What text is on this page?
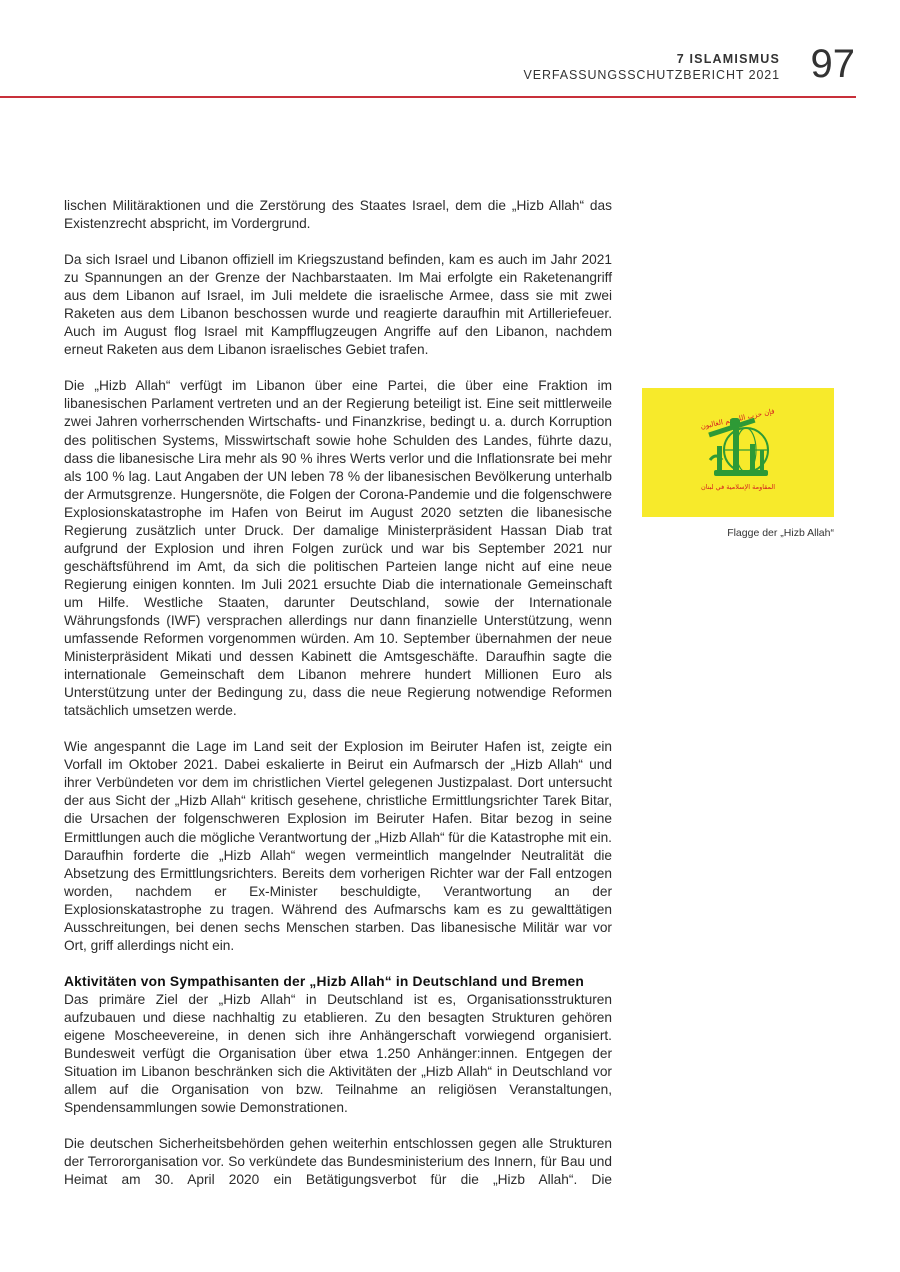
7 ISLAMISMUS
VERFASSUNGSSCHUTZBERICHT 2021 97

lischen Militäraktionen und die Zerstörung des Staates Israel, dem die „Hizb Allah“ das Existenzrecht abspricht, im Vordergrund.

Da sich Israel und Libanon offiziell im Kriegszustand befinden, kam es auch im Jahr 2021 zu Spannungen an der Grenze der Nachbarstaaten. Im Mai erfolgte ein Raketenangriff aus dem Libanon auf Israel, im Juli meldete die israelische Armee, dass sie mit zwei Raketen aus dem Libanon beschossen wurde und reagierte daraufhin mit Artilleriefeuer. Auch im August flog Israel mit Kampfflugzeugen Angriffe auf den Libanon, nachdem erneut Raketen aus dem Libanon israelisches Gebiet trafen.

Die „Hizb Allah“ verfügt im Libanon über eine Partei, die über eine Fraktion im libanesischen Parlament vertreten und an der Regierung beteiligt ist. Eine seit mittlerweile zwei Jahren vorherrschenden Wirtschafts- und Finanzkrise, bedingt u. a. durch Korruption des politischen Systems, Misswirtschaft sowie hohe Schulden des Landes, führte dazu, dass die libanesische Lira mehr als 90 % ihres Werts verlor und die Inflationsrate bei mehr als 100 % lag. Laut Angaben der UN leben 78 % der libanesischen Bevölkerung unterhalb der Armutsgrenze. Hungersnöte, die Folgen der Corona-Pandemie und die folgenschwere Explosionskatastrophe im Hafen von Beirut im August 2020 setzten die libanesische Regierung zusätzlich unter Druck. Der damalige Ministerpräsident Hassan Diab trat aufgrund der Explosion und ihren Folgen zurück und war bis September 2021 nur geschäftsführend im Amt, da sich die politischen Parteien lange nicht auf eine neue Regierung einigen konnten. Im Juli 2021 ersuchte Diab die internationale Gemeinschaft um Hilfe. Westliche Staaten, darunter Deutschland, sowie der Internationale Währungsfonds (IWF) versprachen allerdings nur dann finanzielle Unterstützung, wenn umfassende Reformen vorgenommen würden. Am 10. September übernahmen der neue Ministerpräsident Mikati und dessen Kabinett die Amtsgeschäfte. Daraufhin sagte die internationale Gemeinschaft dem Libanon mehrere hundert Millionen Euro als Unterstützung unter der Bedingung zu, dass die neue Regierung notwendige Reformen tatsächlich umsetzen werde.

Wie angespannt die Lage im Land seit der Explosion im Beiruter Hafen ist, zeigte ein Vorfall im Oktober 2021. Dabei eskalierte in Beirut ein Aufmarsch der „Hizb Allah“ und ihrer Verbündeten vor dem im christlichen Viertel gelegenen Justizpalast. Dort untersucht der aus Sicht der „Hizb Allah“ kritisch gesehene, christliche Ermittlungsrichter Tarek Bitar, die Ursachen der folgenschweren Explosion im Beiruter Hafen. Bitar bezog in seine Ermittlungen auch die mögliche Verantwortung der „Hizb Allah“ für die Katastrophe mit ein. Daraufhin forderte die „Hizb Allah“ wegen vermeintlich mangelnder Neutralität die Absetzung des Ermittlungsrichters. Bereits dem vorherigen Richter war der Fall entzogen worden, nachdem er Ex-Minister beschuldigte, Verantwortung an der Explosionskatastrophe zu tragen. Während des Aufmarschs kam es zu gewalttätigen Ausschreitungen, bei denen sechs Menschen starben. Das libanesische Militär war vor Ort, griff allerdings nicht ein.

Aktivitäten von Sympathisanten der „Hizb Allah“ in Deutschland und Bremen

Das primäre Ziel der „Hizb Allah“ in Deutschland ist es, Organisationsstrukturen aufzubauen und diese nachhaltig zu etablieren. Zu den besagten Strukturen gehören eigene Moscheevereine, in denen sich ihre Anhängerschaft vorwiegend organisiert. Bundesweit verfügt die Organisation über etwa 1.250 Anhänger:innen. Entgegen der Situation im Libanon beschränken sich die Aktivitäten der „Hizb Allah“ in Deutschland vor allem auf die Organisation von bzw. Teilnahme an religiösen Veranstaltungen, Spendensammlungen sowie Demonstrationen.

Die deutschen Sicherheitsbehörden gehen weiterhin entschlossen gegen alle Strukturen der Terrororganisation vor. So verkündete das Bundesministerium des Innern, für Bau und Heimat am 30. April 2020 ein Betätigungsverbot für die „Hizb Allah“. Die

فإن حزب الله هم الغالبون
المقاومة الإسلامية في لبنان
Flagge der „Hizb Allah“
